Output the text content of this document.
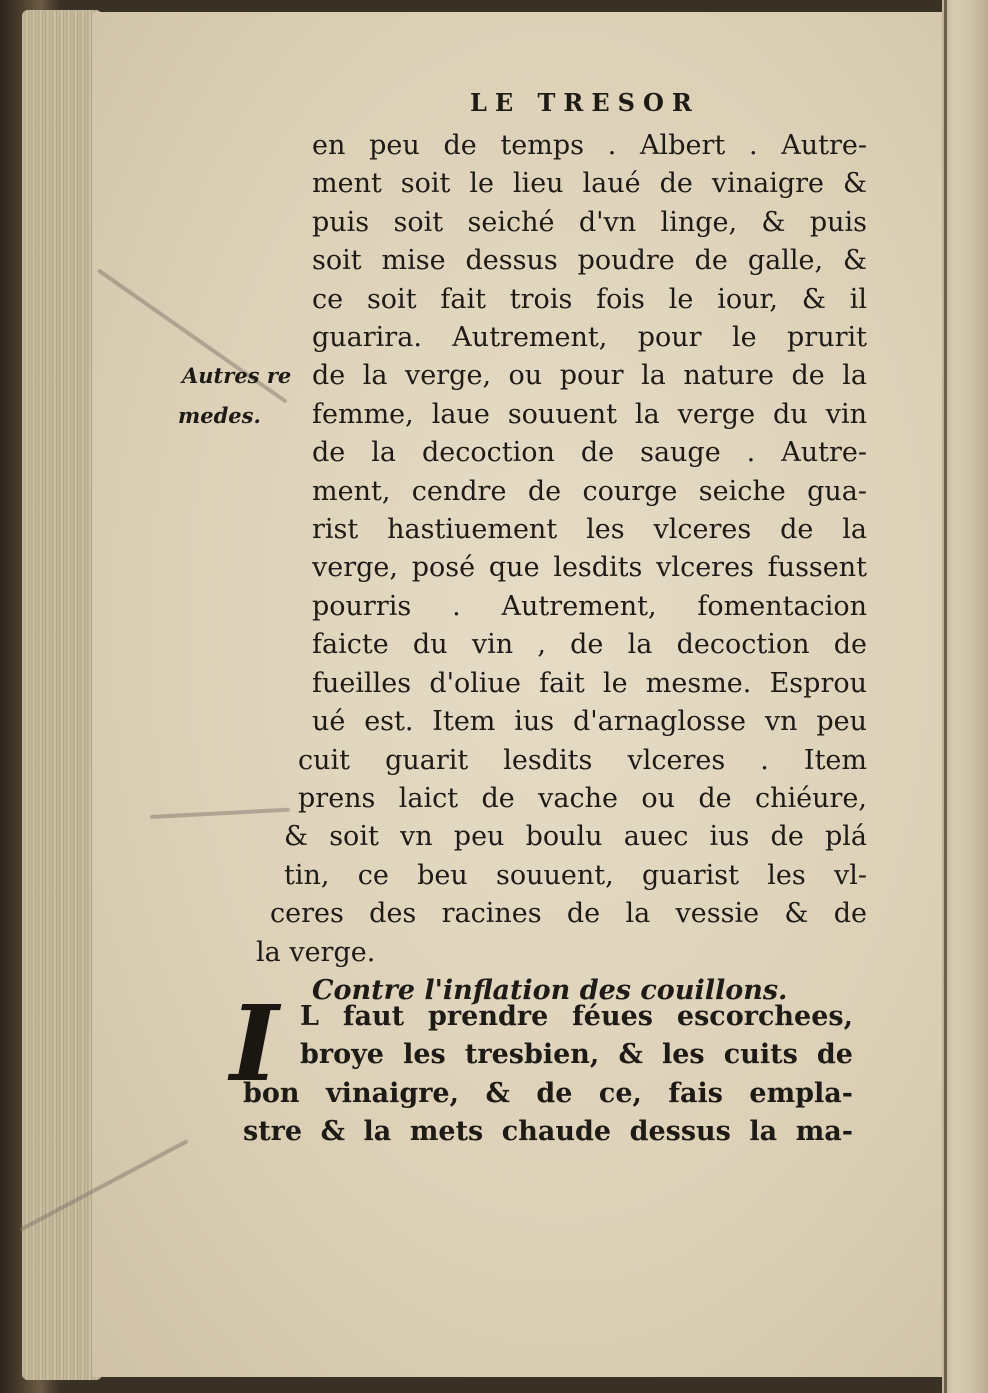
LE TRESOR
Autres re
medes.
en peu de temps . Albert . Autre-
ment soit le lieu laué de vinaigre &
puis soit seiché d'vn linge, & puis
soit mise dessus poudre de galle, &
ce soit fait trois fois le iour, & il
guarira. Autrement, pour le prurit
de la verge, ou pour la nature de la
femme, laue souuent la verge du vin
de la decoction de sauge . Autre-
ment, cendre de courge seiche gua-
rist hastiuement les vlceres de la
verge, posé que lesdits vlceres fussent
pourris . Autrement, fomentacion
faicte du vin , de la decoction de
fueilles d'oliue fait le mesme. Esprou
ué est. Item ius d'arnaglosse vn peu
cuit guarit lesdits vlceres . Item
prens laict de vache ou de chiéure,
& soit vn peu boulu auec ius de plá
tin, ce beu souuent, guarist les vl-
ceres des racines de la vessie & de
la verge.
Contre l'inflation des couillons.
I L faut prendre féues escorchees,
broye les tresbien, & les cuits de
bon vinaigre, & de ce, fais empla-
stre & la mets chaude dessus la ma-
